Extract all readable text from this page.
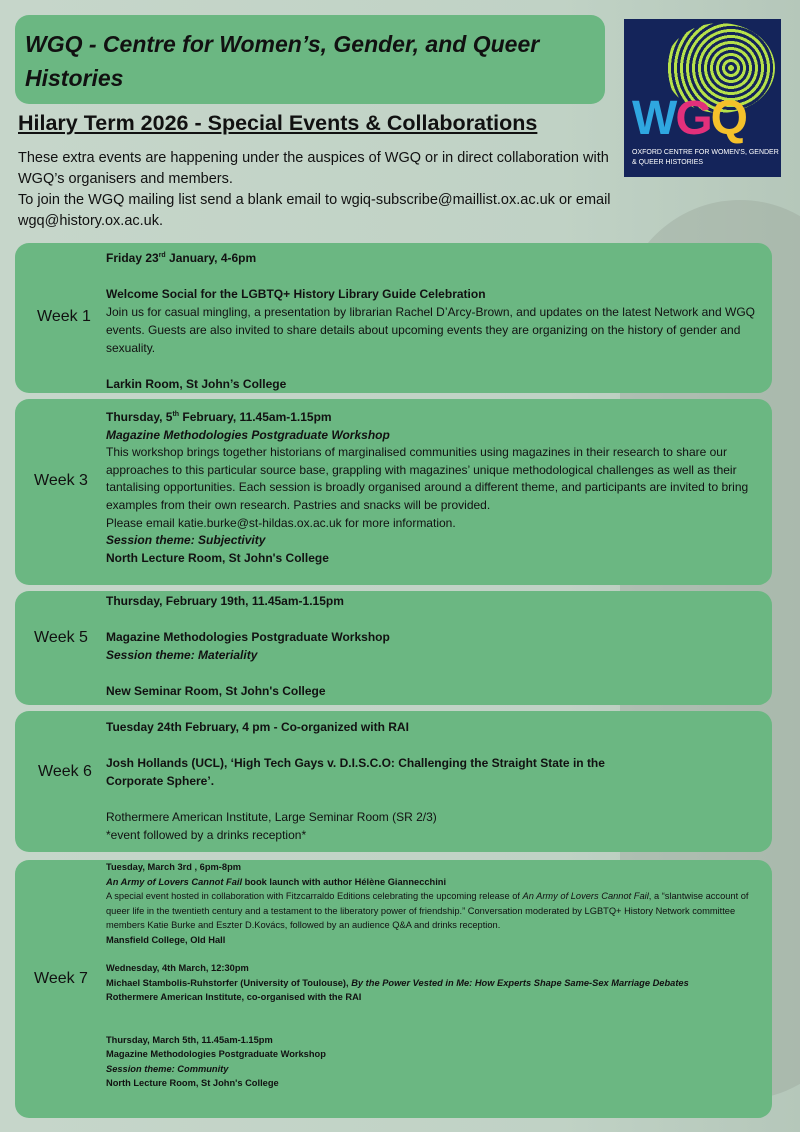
WGQ - Centre for Women’s, Gender, and Queer Histories
WGQ
OXFORD CENTRE FOR WOMEN'S, GENDER & QUEER HISTORIES
Hilary Term 2026 - Special Events & Collaborations
These extra events are happening under the auspices of WGQ or in direct collaboration with WGQ’s organisers and members.
To join the WGQ mailing list send a blank email to wgiq-subscribe@maillist.ox.ac.uk or email wgq@history.ox.ac.uk.
Week 1

Friday 23rd January, 4-6pm

Welcome Social for the LGBTQ+ History Library Guide Celebration

Join us for casual mingling, a presentation by librarian Rachel D’Arcy-Brown, and updates on the latest Network and WGQ events. Guests are also invited to share details about upcoming events they are organizing on the history of gender and sexuality.

Larkin Room, St John’s College

Week 3

Thursday, 5th February, 11.45am-1.15pm

Magazine Methodologies Postgraduate Workshop

This workshop brings together historians of marginalised communities using magazines in their research to share our approaches to this particular source base, grappling with magazines’ unique methodological challenges as well as their tantalising opportunities. Each session is broadly organised around a different theme, and participants are invited to bring examples from their own research. Pastries and snacks will be provided.

Please email katie.burke@st-hildas.ox.ac.uk for more information.

Session theme: Subjectivity

North Lecture Room, St John's College

Week 5

Thursday, February 19th, 11.45am-1.15pm

Magazine Methodologies Postgraduate Workshop

Session theme: Materiality

New Seminar Room, St John's College

Week 6

Tuesday 24th February, 4 pm - Co-organized with RAI

Josh Hollands (UCL), ‘High Tech Gays v. D.I.S.C.O: Challenging the Straight State in the Corporate Sphere’.

Rothermere American Institute, Large Seminar Room (SR 2/3)

*event followed by a drinks reception*

Week 7

Tuesday, March 3rd , 6pm-8pm

An Army of Lovers Cannot Fail book launch with author Hélène Giannecchini

A special event hosted in collaboration with Fitzcarraldo Editions celebrating the upcoming release of An Army of Lovers Cannot Fail, a “slantwise account of queer life in the twentieth century and a testament to the liberatory power of friendship.” Conversation moderated by LGBTQ+ History Network committee members Katie Burke and Eszter D.Kovács, followed by an audience Q&A and drinks reception.

Mansfield College, Old Hall

Wednesday, 4th March, 12:30pm

Michael Stambolis-Ruhstorfer (University of Toulouse), By the Power Vested in Me: How Experts Shape Same-Sex Marriage Debates

Rothermere American Institute, co-organised with the RAI

Thursday, March 5th, 11.45am-1.15pm

Magazine Methodologies Postgraduate Workshop

Session theme: Community

North Lecture Room, St John's College
